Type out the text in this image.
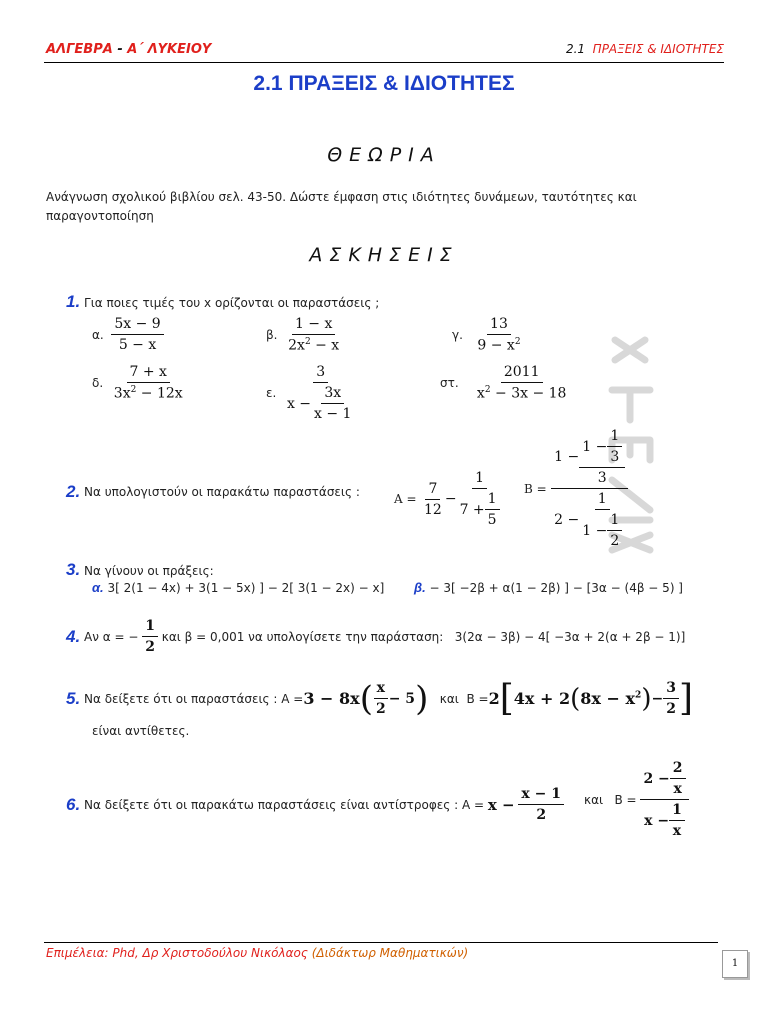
ΑΛΓΕΒΡΑ - Α΄ ΛΥΚΕΙΟΥ	2.1 ΠΡΑΞΕΙΣ & ΙΔΙΟΤΗΤΕΣ
2.1 ΠΡΑΞΕΙΣ & ΙΔΙΟΤΗΤΕΣ
ΘΕΩΡΙΑ
Ανάγνωση σχολικού βιβλίου σελ. 43-50. Δώστε έμφαση στις ιδιότητες δυνάμεων, ταυτότητες και
παραγοντοποίηση
ΑΣΚΗΣΕΙΣ
1. Για ποιες τιμές του x ορίζονται οι παραστάσεις ;
α.
$\frac{5x - 9}{5 - x}$	β.
$\frac{1 - x}{2x^2 - x}$	γ.
$\frac{13}{9 - x^2}$
δ.
$\frac{7 + x}{3x^2 - 12x}$	ε.
$\frac{3}{x - \frac{3x}{x - 1}}$	στ.
$\frac{2011}{x^2 - 3x - 18}$
2.
Να υπολογιστούν οι παρακάτω παραστάσεις :	A =
$\frac{7}{12} - \frac{1}{7 + \frac{1}{5}}$ B =
$\frac{1 - \frac{1 - \frac{1}{3}}{3}}{2 - \frac{1}{1 - \frac{1}{2}}}$
3. Να γίνουν οι πράξεις:
α. 3[ 2(1 − 4x) + 3(1 − 5x) ] − 2[ 3(1 − 2x) − x] β. − 3[ −2β + α(1 − 2β) ] − [3α − (4β − 5) ]
4.
Αν α = −
$\frac{1}{2}$
και β = 0,001 να υπολογίσετε την παράσταση:
3(2α − 3β) − 4[ −3α + 2(α + 2β − 1)]
5.
Να δείξετε ότι οι παραστάσεις : A = 3 − 8x ( $\frac{x}{2} - 5$ )
και
B = 2 [ 4x + 2 ( $8x - x^2$ ) − $\frac{3}{2}$ ]
είναι αντίθετες.
6.
Να δείξετε ότι οι παρακάτω παραστάσεις είναι αντίστροφες : A =
x −
$\frac{x - 1}{2}$ και
B =
$\frac{2 - \frac{2}{x}}{x - \frac{1}{x}}$
Επιμέλεια: Phd, Δρ Χριστοδούλου Νικόλαος (Διδάκτωρ Μαθηματικών)
1
